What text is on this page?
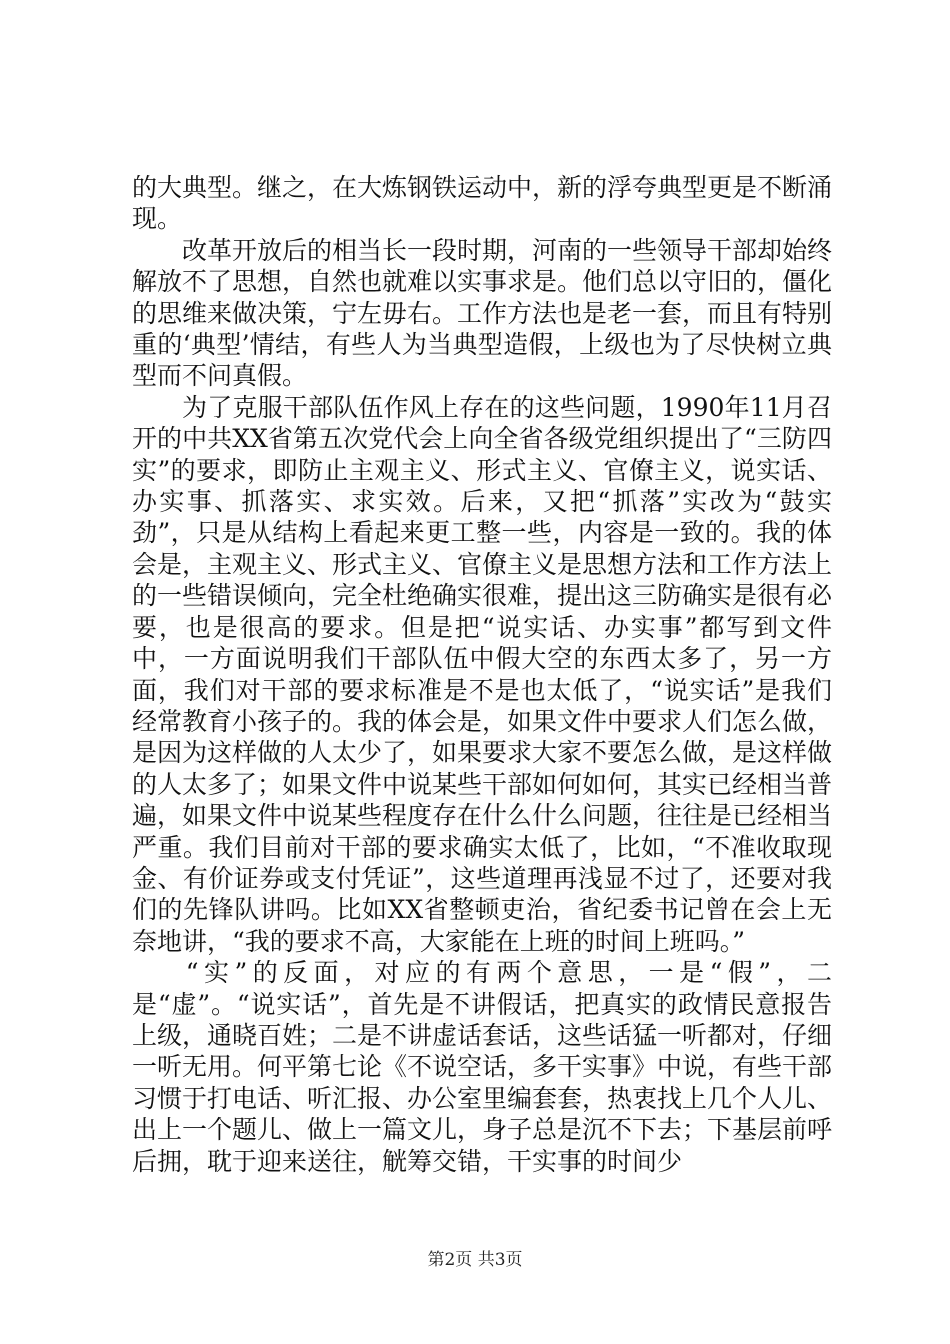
的大典型。继之，在大炼钢铁运动中，新的浮夸典型更是不断涌现。

改革开放后的相当长一段时期，河南的一些领导干部却始终解放不了思想，自然也就难以实事求是。他们总以守旧的，僵化的思维来做决策，宁左毋右。工作方法也是老一套，而且有特别重的‘典型’情结，有些人为当典型造假，上级也为了尽快树立典型而不问真假。

为了克服干部队伍作风上存在的这些问题，1990年11月召开的中共XX省第五次党代会上向全省各级党组织提出了“三防四实”的要求，即防止主观主义、形式主义、官僚主义，说实话、办实事、抓落实、求实效。后来，又把“抓落”实改为“鼓实劲”，只是从结构上看起来更工整一些，内容是一致的。我的体会是，主观主义、形式主义、官僚主义是思想方法和工作方法上的一些错误倾向，完全杜绝确实很难，提出这三防确实是很有必要，也是很高的要求。但是把“说实话、办实事”都写到文件中，一方面说明我们干部队伍中假大空的东西太多了，另一方面，我们对干部的要求标准是不是也太低了，“说实话”是我们经常教育小孩子的。我的体会是，如果文件中要求人们怎么做，是因为这样做的人太少了，如果要求大家不要怎么做，是这样做的人太多了；如果文件中说某些干部如何如何，其实已经相当普遍，如果文件中说某些程度存在什么什么问题，往往是已经相当严重。我们目前对干部的要求确实太低了，比如，“不准收取现金、有价证券或支付凭证”，这些道理再浅显不过了，还要对我们的先锋队讲吗。比如XX省整顿吏治，省纪委书记曾在会上无奈地讲，“我的要求不高，大家能在上班的时间上班吗。”

“实”的反面，对应的有两个意思，一是“假”，二是“虚”。“说实话”，首先是不讲假话，把真实的政情民意报告上级，通晓百姓；二是不讲虚话套话，这些话猛一听都对，仔细一听无用。何平第七论《不说空话，多干实事》中说，有些干部习惯于打电话、听汇报、办公室里编套套，热衷找上几个人儿、出上一个题儿、做上一篇文儿，身子总是沉不下去；下基层前呼后拥，耽于迎来送往，觥筹交错，干实事的时间少

第2页 共3页
